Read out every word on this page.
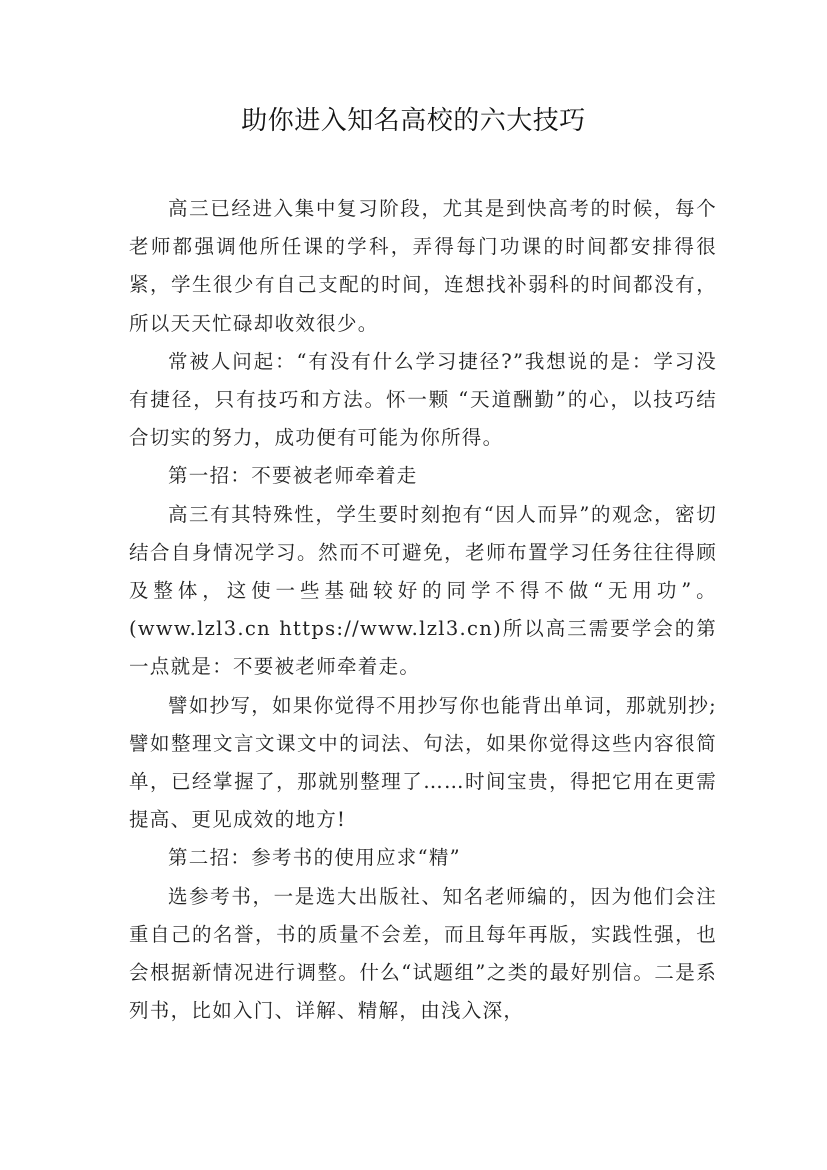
助你进入知名高校的六大技巧

高三已经进入集中复习阶段，尤其是到快高考的时候，每个老师都强调他所任课的学科，弄得每门功课的时间都安排得很紧，学生很少有自己支配的时间，连想找补弱科的时间都没有，所以天天忙碌却收效很少。

常被人问起：“有没有什么学习捷径?”我想说的是：学习没有捷径，只有技巧和方法。怀一颗 “天道酬勤”的心，以技巧结合切实的努力，成功便有可能为你所得。

第一招：不要被老师牵着走

高三有其特殊性，学生要时刻抱有“因人而异”的观念，密切结合自身情况学习。然而不可避免，老师布置学习任务往往得顾及整体，这使一些基础较好的同学不得不做“无用功”。(www.lzl3.cn https://www.lzl3.cn)所以高三需要学会的第一点就是：不要被老师牵着走。

譬如抄写，如果你觉得不用抄写你也能背出单词，那就别抄;譬如整理文言文课文中的词法、句法，如果你觉得这些内容很简单，已经掌握了，那就别整理了……时间宝贵，得把它用在更需提高、更见成效的地方!

第二招：参考书的使用应求“精”

选参考书，一是选大出版社、知名老师编的，因为他们会注重自己的名誉，书的质量不会差，而且每年再版，实践性强，也会根据新情况进行调整。什么“试题组”之类的最好别信。二是系列书，比如入门、详解、精解，由浅入深，
